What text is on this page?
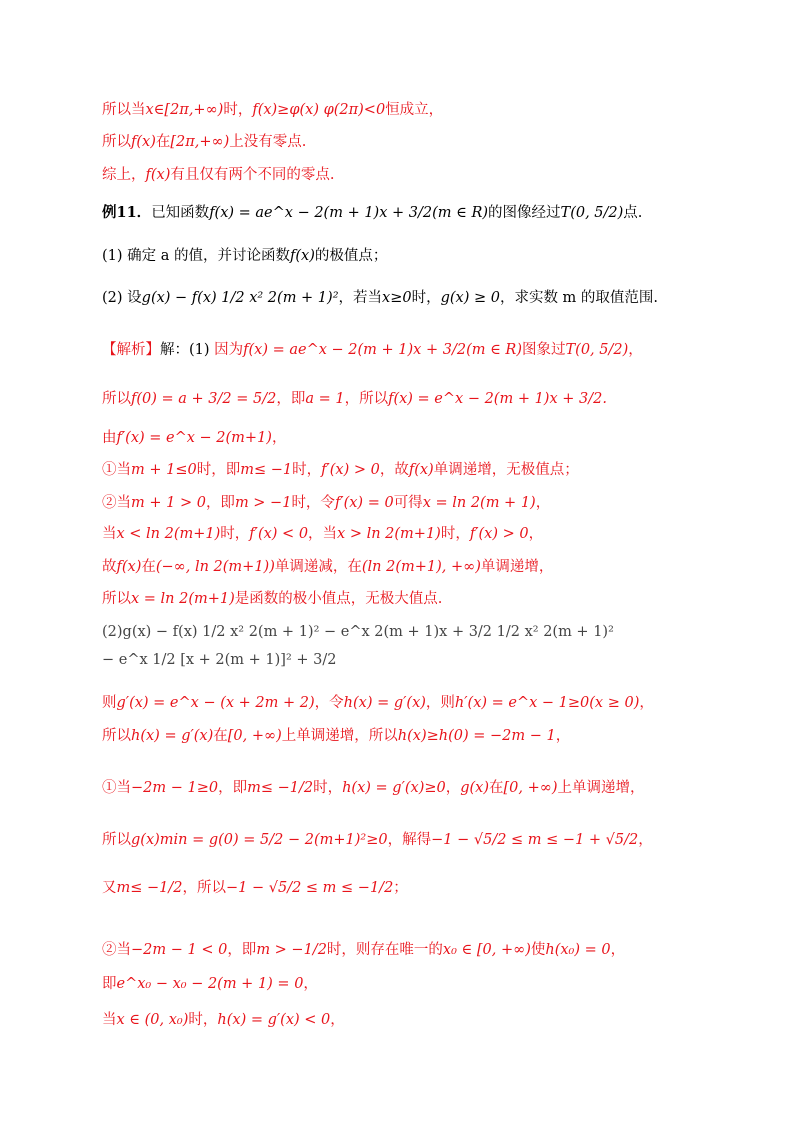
所以当x∈[2π,+∞)时，f(x)≥φ(x) φ(2π)<0恒成立，
所以f(x)在[2π,+∞)上没有零点.
综上，f(x)有且仅有两个不同的零点.
例11．已知函数f(x) = ae^x − 2(m + 1)x + 3/2(m ∈ R)的图像经过T(0, 5/2)点.
(1) 确定 a 的值，并讨论函数f(x)的极值点；
(2) 设g(x) − f(x) 1/2 x² 2(m + 1)²，若当x≥0时，g(x) ≥ 0，求实数 m 的取值范围.
【解析】解：(1) 因为f(x) = ae^x − 2(m + 1)x + 3/2(m ∈ R)图象过T(0, 5/2)，
所以f(0) = a + 3/2 = 5/2，即a = 1，所以f(x) = e^x − 2(m + 1)x + 3/2.
由f′(x) = e^x − 2(m+1)，
①当m + 1≤0时，即m≤ −1时，f′(x) > 0，故f(x)单调递增，无极值点；
②当m + 1 > 0，即m > −1时，令f′(x) = 0可得x = ln 2(m + 1)，
当x < ln 2(m+1)时，f′(x) < 0，当x > ln 2(m+1)时，f′(x) > 0，
故f(x)在(−∞, ln 2(m+1))单调递减，在(ln 2(m+1), +∞)单调递增，
所以x = ln 2(m+1)是函数的极小值点，无极大值点.
(2)g(x) − f(x) 1/2 x² 2(m + 1)² − e^x 2(m + 1)x + 3/2 1/2 x² 2(m + 1)²
− e^x 1/2 [x + 2(m + 1)]² + 3/2
则g′(x) = e^x − (x + 2m + 2)，令h(x) = g′(x)，则h′(x) = e^x − 1≥0(x ≥ 0)，
所以h(x) = g′(x)在[0, +∞)上单调递增，所以h(x)≥h(0) = −2m − 1，
①当−2m − 1≥0，即m≤ −1/2时，h(x) = g′(x)≥0，g(x)在[0, +∞)上单调递增，
所以g(x)min = g(0) = 5/2 − 2(m+1)²≥0，解得−1 − √5/2 ≤ m ≤ −1 + √5/2，
又m≤ −1/2，所以−1 − √5/2 ≤ m ≤ −1/2；
②当−2m − 1 < 0，即m > −1/2时，则存在唯一的x₀ ∈ [0, +∞)使h(x₀) = 0，
即e^x₀ − x₀ − 2(m + 1) = 0，
当x ∈ (0, x₀)时，h(x) = g′(x) < 0，
